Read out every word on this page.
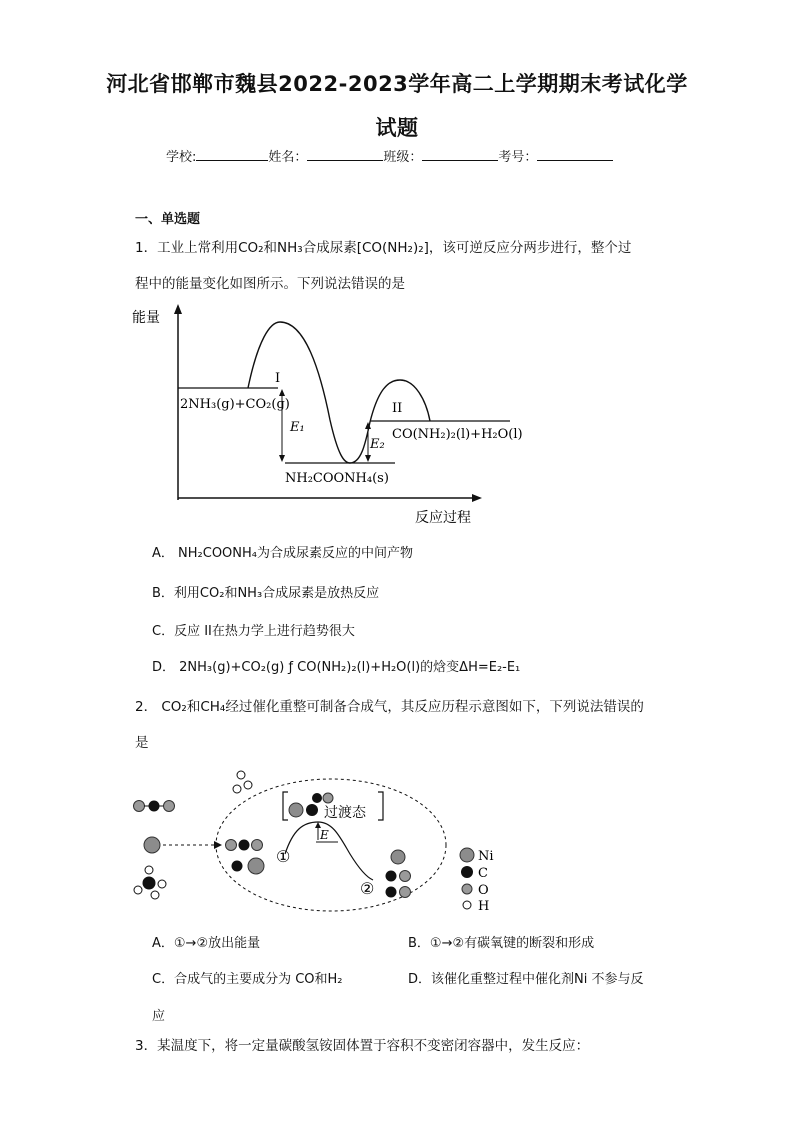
河北省邯郸市魏县2022-2023学年高二上学期期末考试化学
试题
学校:	姓名：	班级：	考号：
一、单选题
1．工业上常利用CO₂和NH₃合成尿素[CO(NH₂)₂]，该可逆反应分两步进行，整个过
程中的能量变化如图所示。下列说法错误的是
能量
反应过程
I
II
2NH₃(g)+CO₂(g)
NH₂COONH₄(s)
CO(NH₂)₂(l)+H₂O(l)
E₁
E₂
A． NH₂COONH₄为合成尿素反应的中间产物
B．利用CO₂和NH₃合成尿素是放热反应
C．反应 II在热力学上进行趋势很大
D． 2NH₃(g)+CO₂(g) ƒ CO(NH₂)₂(l)+H₂O(l)的焓变ΔH=E₂-E₁
2． CO₂和CH₄经过催化重整可制备合成气，其反应历程示意图如下，下列说法错误的
是
过渡态
E
①
②
Ni
C
O
H
A．①→②放出能量	B．①→②有碳氧键的断裂和形成
C．合成气的主要成分为 CO和H₂	D．该催化重整过程中催化剂Ni 不参与反
应
3．某温度下，将一定量碳酸氢铵固体置于容积不变密闭容器中，发生反应：
